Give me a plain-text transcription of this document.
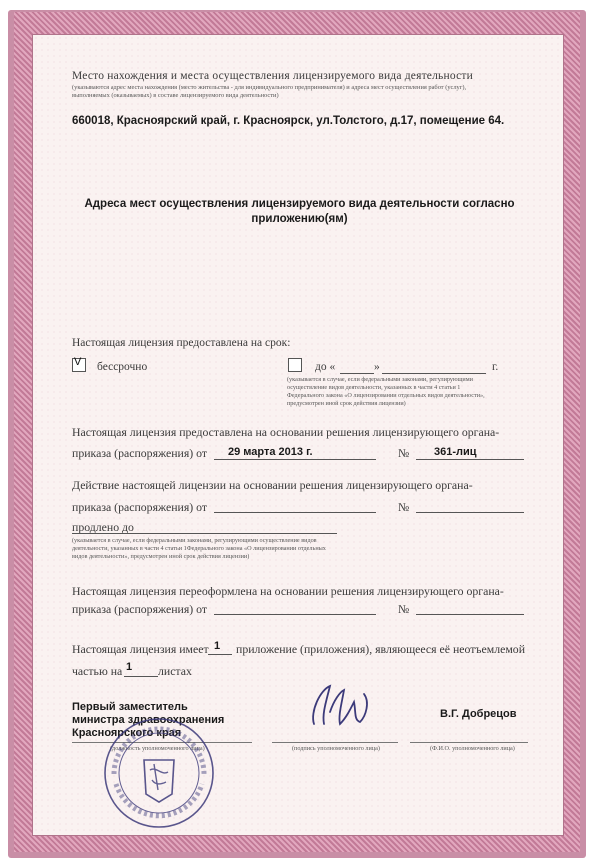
Место нахождения и места осуществления лицензируемого вида деятельности
(указываются адрес места нахождения (место жительства - для индивидуального предпринимателя) и адреса мест осуществления работ (услуг),
выполняемых (оказываемых) в составе лицензируемого вида деятельности)
660018, Красноярский край, г. Красноярск, ул.Толстого, д.17, помещение 64.
Адреса мест осуществления лицензируемого вида деятельности согласно
приложению(ям)
Настоящая лицензия предоставлена на срок:
V бессрочно	до «	»	г.
(указывается в случае, если федеральными законами, регулирующими
осуществление видов деятельности, указанных в части 4 статьи 1
Федерального закона «О лицензировании отдельных видов деятельности»,
предусмотрен иной срок действия лицензии)
Настоящая лицензия предоставлена на основании решения лицензирующего органа-
приказа (распоряжения) от 29 марта 2013 г.	№ 361-лиц
Действие настоящей лицензии на основании решения лицензирующего органа-
приказа (распоряжения) от	№
продлено до
(указывается в случае, если федеральными законами, регулирующими осуществление видов
деятельности, указанных в части 4 статьи 1Федерального закона «О лицензировании отдельных
видов деятельности», предусмотрен иной срок действия лицензии)
Настоящая лицензия переоформлена на основании решения лицензирующего органа-
приказа (распоряжения) от	№
Настоящая лицензия имеет 1 приложение (приложения), являющееся её неотъемлемой
частью на 1 листах
Первый заместитель
министра здравоохранения
Красноярского края
(должность уполномоченного лица)	(подпись уполномоченного лица)
В.Г. Добрецов
(Ф.И.О. уполномоченного лица)
